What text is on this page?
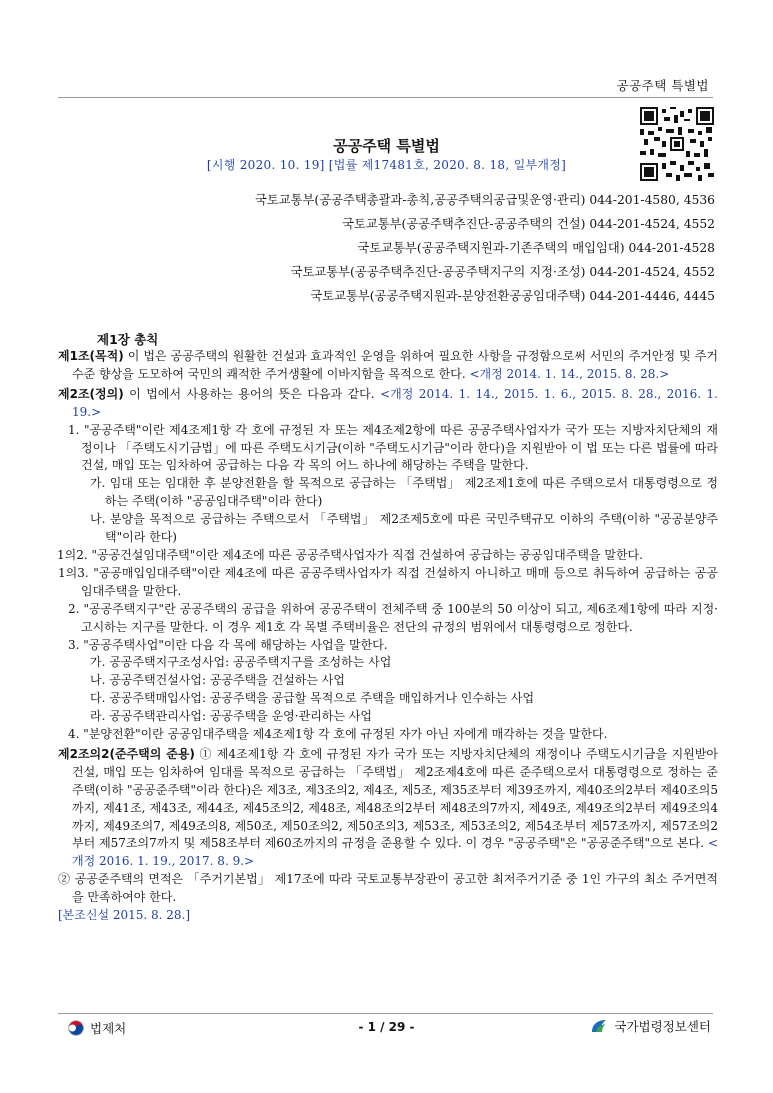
공공주택 특별법
공공주택 특별법
[시행 2020. 10. 19] [법률 제17481호, 2020. 8. 18, 일부개정]
국토교통부(공공주택총괄과-총칙,공공주택의공급및운영·관리) 044-201-4580, 4536
국토교통부(공공주택추진단-공공주택의 건설) 044-201-4524, 4552
국토교통부(공공주택지원과-기존주택의 매입임대) 044-201-4528
국토교통부(공공주택추진단-공공주택지구의 지정·조성) 044-201-4524, 4552
국토교통부(공공주택지원과-분양전환공공임대주택) 044-201-4446, 4445
제1장 총칙

제1조(목적) 이 법은 공공주택의 원활한 건설과 효과적인 운영을 위하여 필요한 사항을 규정함으로써 서민의 주거안정 및 주거수준 향상을 도모하여 국민의 쾌적한 주거생활에 이바지함을 목적으로 한다. <개정 2014. 1. 14., 2015. 8. 28.>

제2조(정의) 이 법에서 사용하는 용어의 뜻은 다음과 같다. <개정 2014. 1. 14., 2015. 1. 6., 2015. 8. 28., 2016. 1. 19.>

1. "공공주택"이란 제4조제1항 각 호에 규정된 자 또는 제4조제2항에 따른 공공주택사업자가 국가 또는 지방자치단체의 재정이나 「주택도시기금법」에 따른 주택도시기금(이하 "주택도시기금"이라 한다)을 지원받아 이 법 또는 다른 법률에 따라 건설, 매입 또는 임차하여 공급하는 다음 각 목의 어느 하나에 해당하는 주택을 말한다.

가. 임대 또는 임대한 후 분양전환을 할 목적으로 공급하는 「주택법」 제2조제1호에 따른 주택으로서 대통령령으로 정하는 주택(이하 "공공임대주택"이라 한다)

나. 분양을 목적으로 공급하는 주택으로서 「주택법」 제2조제5호에 따른 국민주택규모 이하의 주택(이하 "공공분양주택"이라 한다)

1의2. "공공건설임대주택"이란 제4조에 따른 공공주택사업자가 직접 건설하여 공급하는 공공임대주택을 말한다.

1의3. "공공매입임대주택"이란 제4조에 따른 공공주택사업자가 직접 건설하지 아니하고 매매 등으로 취득하여 공급하는 공공임대주택을 말한다.

2. "공공주택지구"란 공공주택의 공급을 위하여 공공주택이 전체주택 중 100분의 50 이상이 되고, 제6조제1항에 따라 지정·고시하는 지구를 말한다. 이 경우 제1호 각 목별 주택비율은 전단의 규정의 범위에서 대통령령으로 정한다.

3. "공공주택사업"이란 다음 각 목에 해당하는 사업을 말한다.

가. 공공주택지구조성사업: 공공주택지구를 조성하는 사업

나. 공공주택건설사업: 공공주택을 건설하는 사업

다. 공공주택매입사업: 공공주택을 공급할 목적으로 주택을 매입하거나 인수하는 사업

라. 공공주택관리사업: 공공주택을 운영·관리하는 사업

4. "분양전환"이란 공공임대주택을 제4조제1항 각 호에 규정된 자가 아닌 자에게 매각하는 것을 말한다.

제2조의2(준주택의 준용) ① 제4조제1항 각 호에 규정된 자가 국가 또는 지방자치단체의 재정이나 주택도시기금을 지원받아 건설, 매입 또는 임차하여 임대를 목적으로 공급하는 「주택법」 제2조제4호에 따른 준주택으로서 대통령령으로 정하는 준주택(이하 "공공준주택"이라 한다)은 제3조, 제3조의2, 제4조, 제5조, 제35조부터 제39조까지, 제40조의2부터 제40조의5까지, 제41조, 제43조, 제44조, 제45조의2, 제48조, 제48조의2부터 제48조의7까지, 제49조, 제49조의2부터 제49조의4까지, 제49조의7, 제49조의8, 제50조, 제50조의2, 제50조의3, 제53조, 제53조의2, 제54조부터 제57조까지, 제57조의2부터 제57조의7까지 및 제58조부터 제60조까지의 규정을 준용할 수 있다. 이 경우 "공공주택"은 "공공준주택"으로 본다. <개정 2016. 1. 19., 2017. 8. 9.>

② 공공준주택의 면적은 「주거기본법」 제17조에 따라 국토교통부장관이 공고한 최저주거기준 중 1인 가구의 최소 주거면적을 만족하여야 한다.

[본조신설 2015. 8. 28.]

법제처	- 1 / 29 -	국가법령정보센터
